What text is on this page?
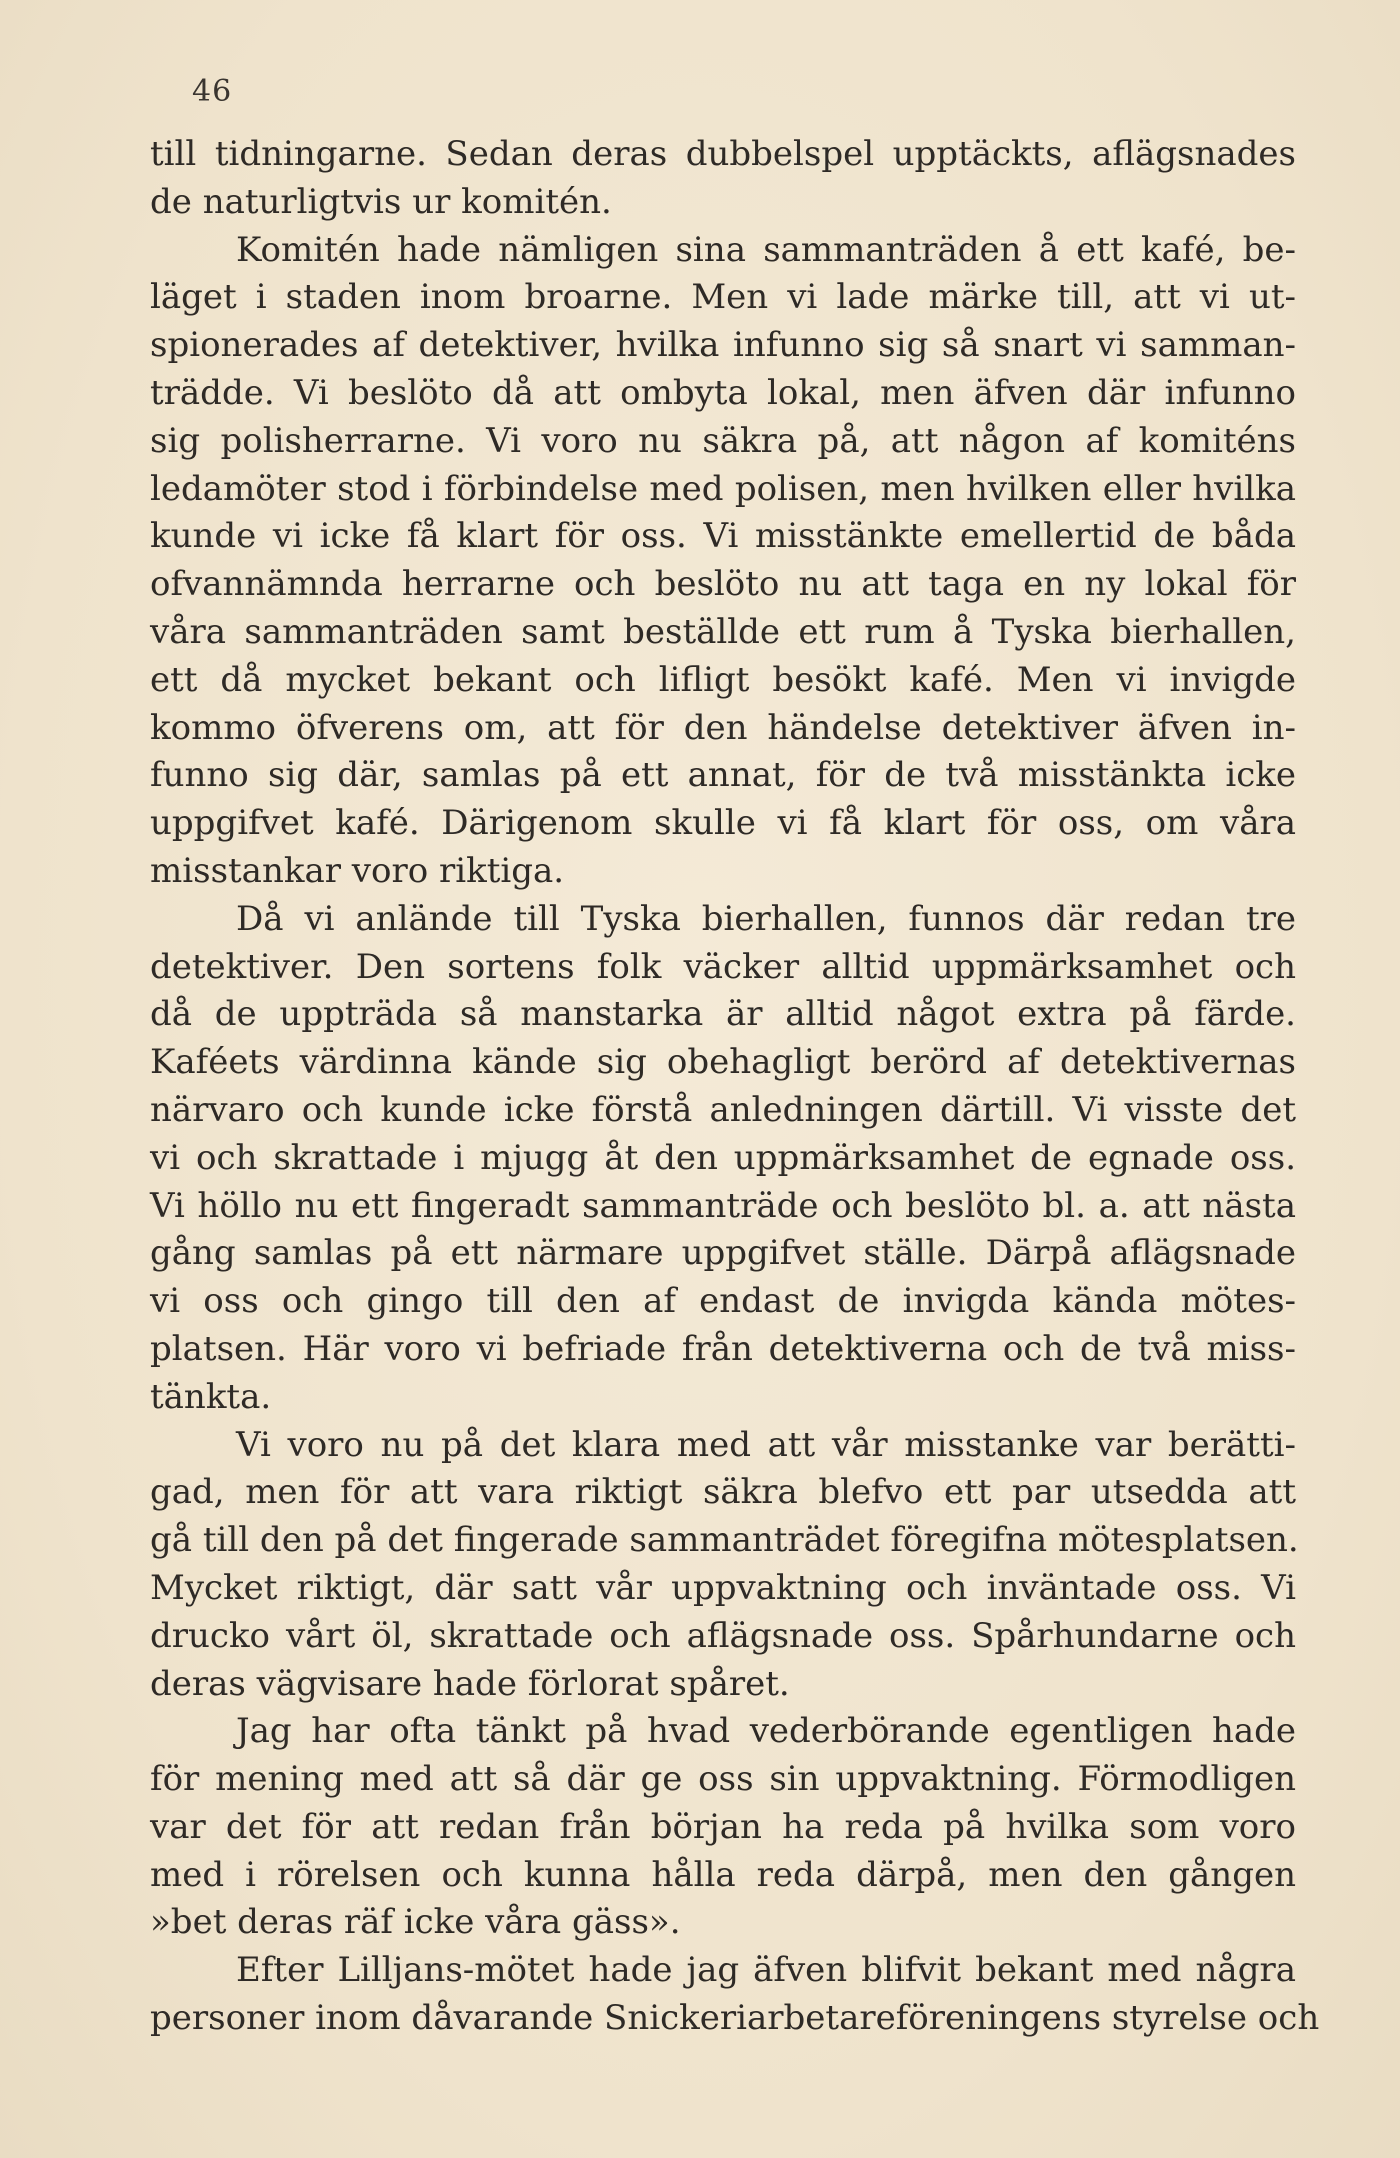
46
till tidningarne. Sedan deras dubbelspel upptäckts, aflägsnades
de naturligtvis ur komitén.
Komitén hade nämligen sina sammanträden å ett kafé, be-
läget i staden inom broarne. Men vi lade märke till, att vi ut-
spionerades af detektiver, hvilka infunno sig så snart vi samman-
trädde. Vi beslöto då att ombyta lokal, men äfven där infunno
sig polisherrarne. Vi voro nu säkra på, att någon af komiténs
ledamöter stod i förbindelse med polisen, men hvilken eller hvilka
kunde vi icke få klart för oss. Vi misstänkte emellertid de båda
ofvannämnda herrarne och beslöto nu att taga en ny lokal för
våra sammanträden samt beställde ett rum å Tyska bierhallen,
ett då mycket bekant och lifligt besökt kafé. Men vi invigde
kommo öfverens om, att för den händelse detektiver äfven in-
funno sig där, samlas på ett annat, för de två misstänkta icke
uppgifvet kafé. Därigenom skulle vi få klart för oss, om våra
misstankar voro riktiga.
Då vi anlände till Tyska bierhallen, funnos där redan tre
detektiver. Den sortens folk väcker alltid uppmärksamhet och
då de uppträda så manstarka är alltid något extra på färde.
Kaféets värdinna kände sig obehagligt berörd af detektivernas
närvaro och kunde icke förstå anledningen därtill. Vi visste det
vi och skrattade i mjugg åt den uppmärksamhet de egnade oss.
Vi höllo nu ett fingeradt sammanträde och beslöto bl. a. att nästa
gång samlas på ett närmare uppgifvet ställe. Därpå aflägsnade
vi oss och gingo till den af endast de invigda kända mötes-
platsen. Här voro vi befriade från detektiverna och de två miss-
tänkta.
Vi voro nu på det klara med att vår misstanke var berätti-
gad, men för att vara riktigt säkra blefvo ett par utsedda att
gå till den på det fingerade sammanträdet föregifna mötesplatsen.
Mycket riktigt, där satt vår uppvaktning och inväntade oss. Vi
drucko vårt öl, skrattade och aflägsnade oss. Spårhundarne och
deras vägvisare hade förlorat spåret.
Jag har ofta tänkt på hvad vederbörande egentligen hade
för mening med att så där ge oss sin uppvaktning. Förmodligen
var det för att redan från början ha reda på hvilka som voro
med i rörelsen och kunna hålla reda därpå, men den gången
»bet deras räf icke våra gäss».
Efter Lilljans-mötet hade jag äfven blifvit bekant med några
personer inom dåvarande Snickeriarbetareföreningens styrelse och
